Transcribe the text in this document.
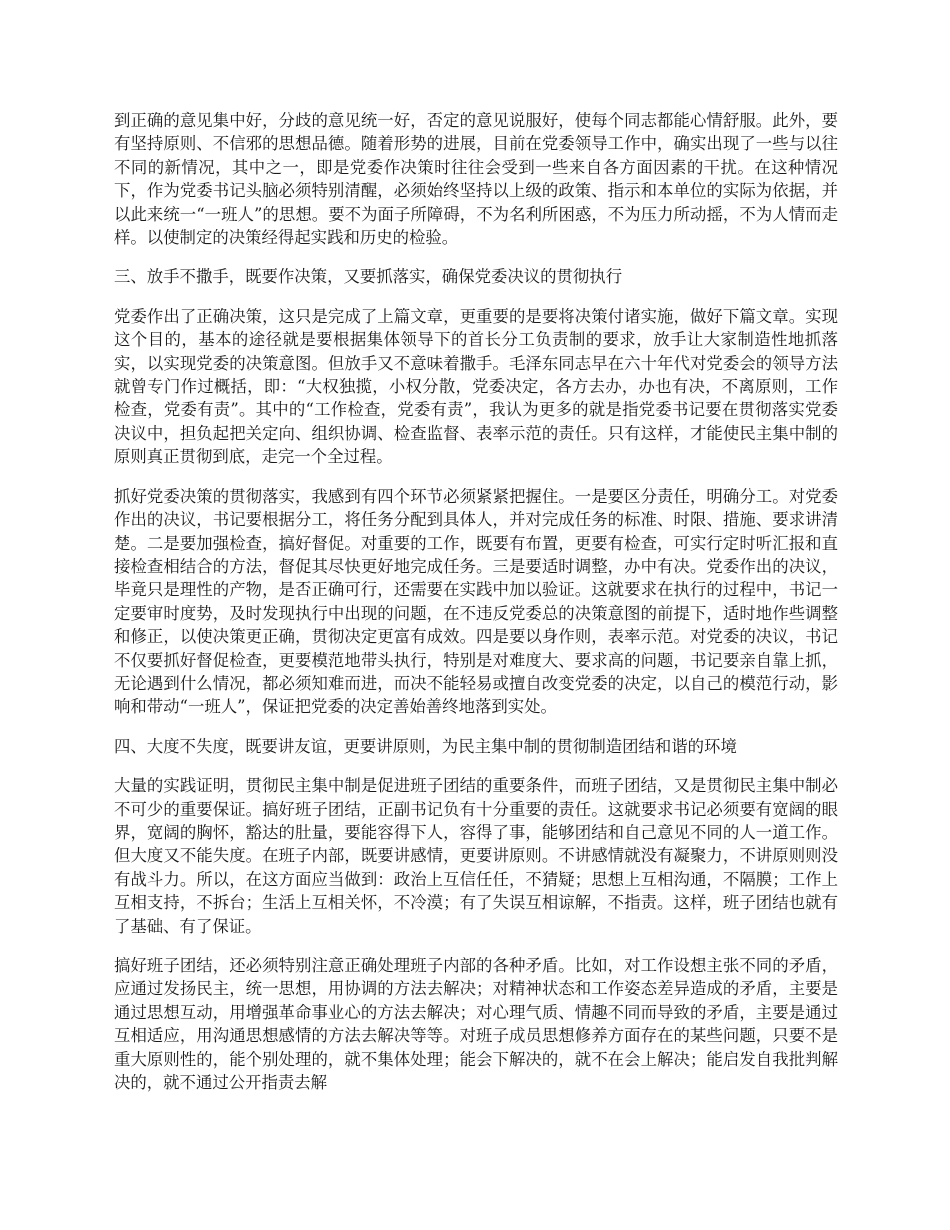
到正确的意见集中好，分歧的意见统一好，否定的意见说服好，使每个同志都能心情舒服。此外，要有坚持原则、不信邪的思想品德。随着形势的进展，目前在党委领导工作中，确实出现了一些与以往不同的新情况，其中之一，即是党委作决策时往往会受到一些来自各方面因素的干扰。在这种情况下，作为党委书记头脑必须特别清醒，必须始终坚持以上级的政策、指示和本单位的实际为依据，并以此来统一“一班人”的思想。要不为面子所障碍，不为名利所困惑，不为压力所动摇，不为人情而走样。以使制定的决策经得起实践和历史的检验。

三、放手不撒手，既要作决策，又要抓落实，确保党委决议的贯彻执行

党委作出了正确决策，这只是完成了上篇文章，更重要的是要将决策付诸实施，做好下篇文章。实现这个目的，基本的途径就是要根据集体领导下的首长分工负责制的要求，放手让大家制造性地抓落实，以实现党委的决策意图。但放手又不意味着撒手。毛泽东同志早在六十年代对党委会的领导方法就曾专门作过概括，即：“大权独揽，小权分散，党委决定，各方去办，办也有决，不离原则，工作检查，党委有责”。其中的“工作检查，党委有责”，我认为更多的就是指党委书记要在贯彻落实党委决议中，担负起把关定向、组织协调、检查监督、表率示范的责任。只有这样，才能使民主集中制的原则真正贯彻到底，走完一个全过程。

抓好党委决策的贯彻落实，我感到有四个环节必须紧紧把握住。一是要区分责任，明确分工。对党委作出的决议，书记要根据分工，将任务分配到具体人，并对完成任务的标准、时限、措施、要求讲清楚。二是要加强检查，搞好督促。对重要的工作，既要有布置，更要有检查，可实行定时听汇报和直接检查相结合的方法，督促其尽快更好地完成任务。三是要适时调整，办中有决。党委作出的决议，毕竟只是理性的产物，是否正确可行，还需要在实践中加以验证。这就要求在执行的过程中，书记一定要审时度势，及时发现执行中出现的问题，在不违反党委总的决策意图的前提下，适时地作些调整和修正，以使决策更正确，贯彻决定更富有成效。四是要以身作则，表率示范。对党委的决议，书记不仅要抓好督促检查，更要模范地带头执行，特别是对难度大、要求高的问题，书记要亲自靠上抓，无论遇到什么情况，都必须知难而进，而决不能轻易或擅自改变党委的决定，以自己的模范行动，影响和带动“一班人”，保证把党委的决定善始善终地落到实处。

四、大度不失度，既要讲友谊，更要讲原则，为民主集中制的贯彻制造团结和谐的环境

大量的实践证明，贯彻民主集中制是促进班子团结的重要条件，而班子团结，又是贯彻民主集中制必不可少的重要保证。搞好班子团结，正副书记负有十分重要的责任。这就要求书记必须要有宽阔的眼界，宽阔的胸怀，豁达的肚量，要能容得下人，容得了事，能够团结和自己意见不同的人一道工作。但大度又不能失度。在班子内部，既要讲感情，更要讲原则。不讲感情就没有凝聚力，不讲原则则没有战斗力。所以，在这方面应当做到：政治上互信任任，不猜疑；思想上互相沟通，不隔膜；工作上互相支持，不拆台；生活上互相关怀，不冷漠；有了失误互相谅解，不指责。这样，班子团结也就有了基础、有了保证。

搞好班子团结，还必须特别注意正确处理班子内部的各种矛盾。比如，对工作设想主张不同的矛盾，应通过发扬民主，统一思想，用协调的方法去解决；对精神状态和工作姿态差异造成的矛盾，主要是通过思想互动，用增强革命事业心的方法去解决；对心理气质、情趣不同而导致的矛盾，主要是通过互相适应，用沟通思想感情的方法去解决等等。对班子成员思想修养方面存在的某些问题，只要不是重大原则性的，能个别处理的，就不集体处理；能会下解决的，就不在会上解决；能启发自我批判解决的，就不通过公开指责去解
